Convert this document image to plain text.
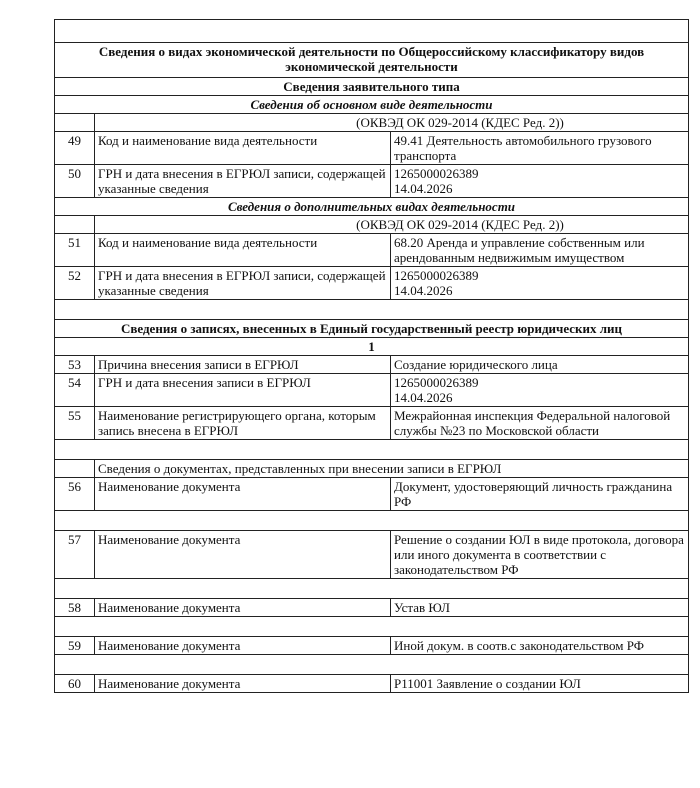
Сведения о видах экономической деятельности по Общероссийскому классификатору видов экономической деятельности		
Сведения заявительного типа		
Сведения об основном виде деятельности		
	(ОКВЭД ОК 029-2014 (КДЕС Ред. 2))	
49	Код и наименование вида деятельности	49.41 Деятельность автомобильного грузового транспорта
50	ГРН и дата внесения в ЕГРЮЛ записи, содержащей указанные сведения	1265000026389
14.04.2026
Сведения о дополнительных видах деятельности		
	(ОКВЭД ОК 029-2014 (КДЕС Ред. 2))	
51	Код и наименование вида деятельности	68.20 Аренда и управление собственным или арендованным недвижимым имуществом
52	ГРН и дата внесения в ЕГРЮЛ записи, содержащей указанные сведения	1265000026389
14.04.2026

Сведения о записях, внесенных в Единый государственный реестр юридических лиц		
1		
53	Причина внесения записи в ЕГРЮЛ	Создание юридического лица
54	ГРН и дата внесения записи в ЕГРЮЛ	1265000026389
14.04.2026
55	Наименование регистрирующего органа, которым запись внесена в ЕГРЮЛ	Межрайонная инспекция Федеральной налоговой службы №23 по Московской области

	Сведения о документах, представленных при внесении записи в ЕГРЮЛ	
56	Наименование документа	Документ, удостоверяющий личность гражданина РФ

57	Наименование документа	Решение о создании ЮЛ в виде протокола, договора или иного документа в соответствии с законодательством РФ

58	Наименование документа	Устав ЮЛ

59	Наименование документа	Иной докум. в соотв.с законодательством РФ

60	Наименование документа	Р11001 Заявление о создании ЮЛ
